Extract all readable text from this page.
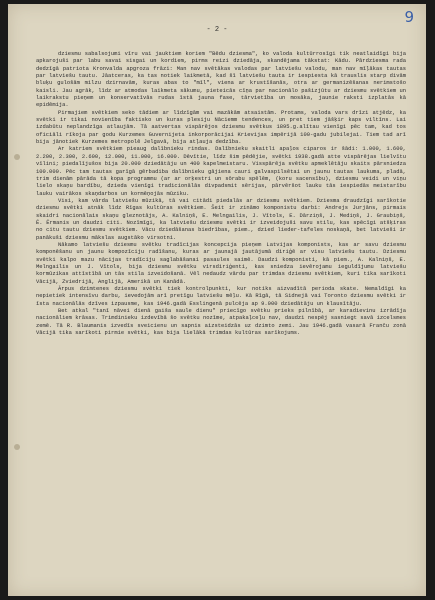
9
- 2 -

dziesmu sabalsojumi vīru vai jauktiem koriem "Bēdu dziesma", ko valoda kultūrrosīgi tik neatlaidīgi bija apkarojuši par labu savai sisgai un kordiem, pirms reizi dziedāja, skandējama tākstat: Kādu. Pārdziesma rada dedzīgā patriota Kronvalda apgroza frāzi: Man nav svētākas valodas par latviešu valodu, man nav mīļākas tautas par latviešu tautu. Jāatceras, ka tas notiek laikmetā, kad šī latviešu tauta ir iespiesta kā trauslis starp divām bluķu gulošām milzu dzirnavām, kuras abas to "mīl", viena ar krustīšanās, otra ar germanizēšanas nerimstošo kaisli. Jau agrāk, līdz ar atmodas laikmeta sākumu, pieteicās cīņa par nacionālo pašizjūtu ar dziesmu svētkiem un laikrakstu pieņem un konservatīvās rudas īstā jauna fase, tārvietība un mosāka, jaunie raksti izplatās kā epidēmija.

Pirmajiem svētkiem seko tādiem ar līdzīgām vai mazākām atsaistām. Protams, valoda vars drīzi atjēdz, ka svētki ir tikai novienība faktisko un kuras plesiju Nāciemm tendences, un pret tiem jāšķir kaps viltīns. Lai izdabūtu neplandzīga atlaujām. Tā aatvertas vispārējos dziesmu svētkus 1895.g.alītau vienīgi pēc tam, kad tos oficiāli rīkoja par godu Kurzemes Guvernijeta inkorporācijai Krievijas impērijā 100-gadu jubilejai. Tiem tad arī bija jānotiek Kurzemes metropolē Jelgavā, bija atļauja dedzība.

Ar katriem svētkiem pieaug dalībnieku rindas. Dalībnieku skaitli apaļos ciparos ir šādi: 1.000, 1.600, 2.200, 2.300, 2.600, 12.000, 11.000, 16.000. Dēvītie, līdz šim pēdējie, svētki 1938.gadā atte vispārējas lielvītu vīlini; piedalījušos bija 20.000 dziedātāju un 400 kapelmeistaru. Visspārēja svētku apmeklētāju skaits pārsniedza 100.000. Pēc tam tautas garīgā gērbadiba dalībnieku gājiena cauri galvaspilsētai un jaunu tautas laukuma, pladā, trim dienām pārāda tā kopa programmu (ar ar orķestri un sōrabu spēlēm, (koru sacensību), dziesmu veidi un viņu lielo skaņu bardību, dzieda vienīgi tradicionālās divpadsmit sērijas, pārvēršot lauku tās iespiedās meistarību lauku vairākos skaņdarbos un kormēņojās mūziku.

Visi, kam vārda latviešu mūzikā, tā vai citādi piedalās ar dziesmu svētkiem. Dziesma draudzīgi sarīkotie dziesmu svētki atnāk līdz Rīgas kultūras svētkiem. Šeit ir zināmo komponistu darbi: Andrejs Jurjāns, pirmais skaidri nacionālais skaņu gleznotājs, A. Kalniņš, E. Melngailis, J. Vītols, E. Dārziņš, J. Mediņš, J. Graubiņš, Ē. Ērmanis un daudzi citi. Nozīmīgi, ka latviešu dziesmu svētki ir izveidojuši savu stilu, kas spēcīgi atšķiras no citu tautu dziesmu svētkiem. Vācu dziedāšanas biedrības, piem., dzied lieder-tafeles noskaņā, bet latvieši ir panākuši dziesmu mākslas augstāko virsotni.

Nākamo latviešu dziesmu svētku tradīcijas koncepcija pieņem Latvijas komponists, kas ar savu dziesmu komponēšanu un jaunu kompozīciju radīšanu, kuras ar jaunajā jautājumā diriģē ar visu latviešu tautu. Dziesmu svētki kalpo mazu nācijas tradīciju saglabāšanai pasaules saimē. Daudzi komponisti, kā piem., A. Kalniņš, E. Melngailis un J. Vītols, bija dziesmu svētku virsdiriģenti, kas sniedza ievērojamu ieguldījumu latviešu kormūzikas attīstībā un tās stila izveidošanā. Vēl nedaudz vārdu par trimdas dziesmu svētkiem, kuri tika sarīkoti Vācijā, Zviedrijā, Anglijā, Amerikā un Kanādā.

Ārpus dzimtenes dziesmu svētki tiek kontrolpunkti, kur notiks aizvadītā perioda skate. Nemaldīgi ka nepietiek intensīvu darbu, ievedojām arī pretīgu latviešu mēļu. Kā Rīgā, tā Sidnejā vai Toronto dziesmu svētki ir īsta nacionālās dzīves izpausme, kas 1946.gadā Esslingenā pulcēja ap 9.000 dziedātāju un klausītāju.

Bet atkal "tanī nāvei dienā gaiša saule dienu" priecīgo svētku prieks pilnībā, ar karadievinu izrādīja nacionāliem krāsas. Trimdinieku izdevībā šo svētku nozīme, atpakaļceļu nav, daudzi nespēj sasniegt savā izcelsmes zemē. Tā R. Blaumanis izvedīs sveicienu un sapnis aizsteidzās uz dzimto zemi. Jau 1946.gadā vasarā Franču zonā Vācijā tika sarīkoti pirmie svētki, kas bija lielākā trimdas kultūras sarīkojums.
